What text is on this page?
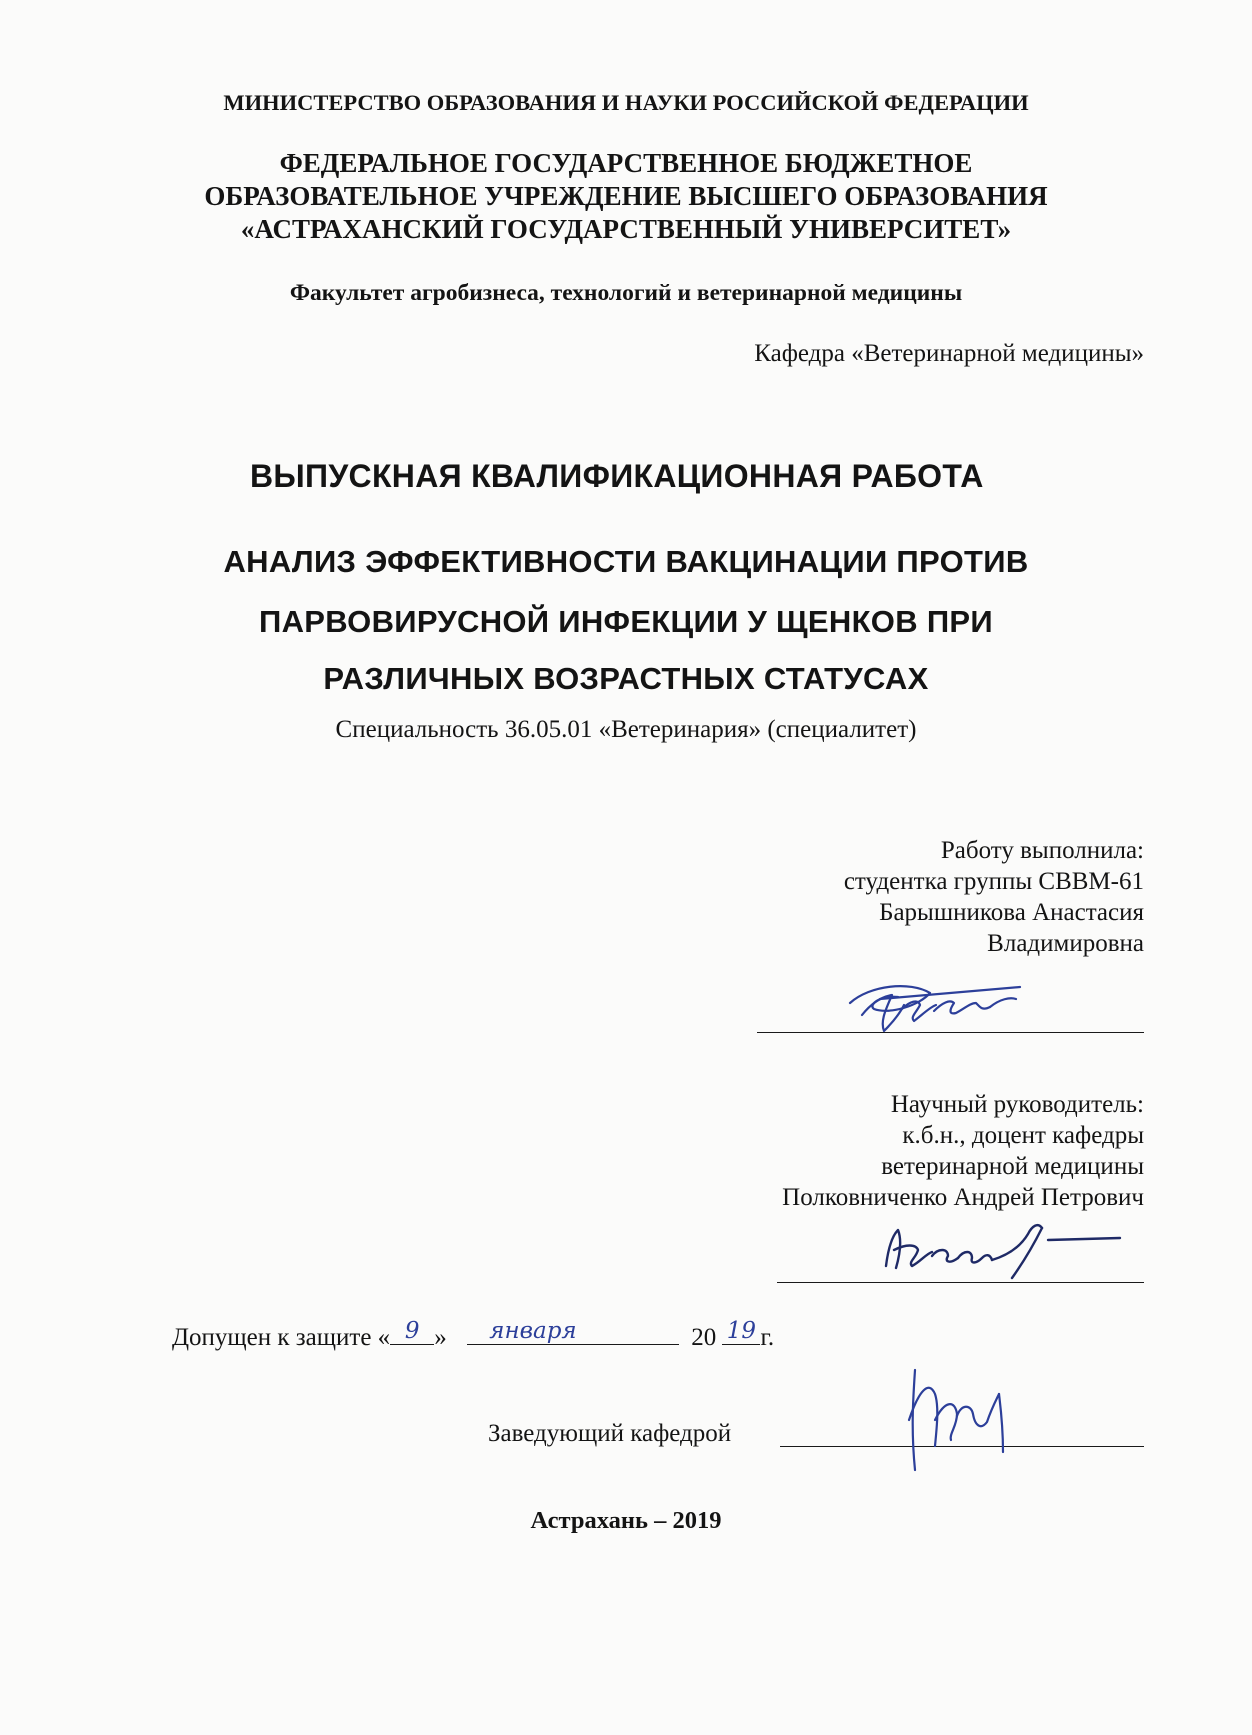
МИНИСТЕРСТВО ОБРАЗОВАНИЯ И НАУКИ РОССИЙСКОЙ ФЕДЕРАЦИИ
ФЕДЕРАЛЬНОЕ ГОСУДАРСТВЕННОЕ БЮДЖЕТНОЕ
ОБРАЗОВАТЕЛЬНОЕ УЧРЕЖДЕНИЕ ВЫСШЕГО ОБРАЗОВАНИЯ
«АСТРАХАНСКИЙ ГОСУДАРСТВЕННЫЙ УНИВЕРСИТЕТ»
Факультет агробизнеса, технологий и ветеринарной медицины
Кафедра «Ветеринарной медицины»
ВЫПУСКНАЯ КВАЛИФИКАЦИОННАЯ РАБОТА
АНАЛИЗ ЭФФЕКТИВНОСТИ ВАКЦИНАЦИИ ПРОТИВ
ПАРВОВИРУСНОЙ ИНФЕКЦИИ У ЩЕНКОВ ПРИ
РАЗЛИЧНЫХ ВОЗРАСТНЫХ СТАТУСАХ
Специальность 36.05.01 «Ветеринария» (специалитет)
Работу выполнила:
студентка группы СВВМ-61
Барышникова Анастасия
Владимировна
Научный руководитель:
к.б.н., доцент кафедры
ветеринарной медицины
Полковниченко Андрей Петрович
Допущен к защите « 9 »	января	20 19 г.
Заведующий кафедрой
Астрахань – 2019
